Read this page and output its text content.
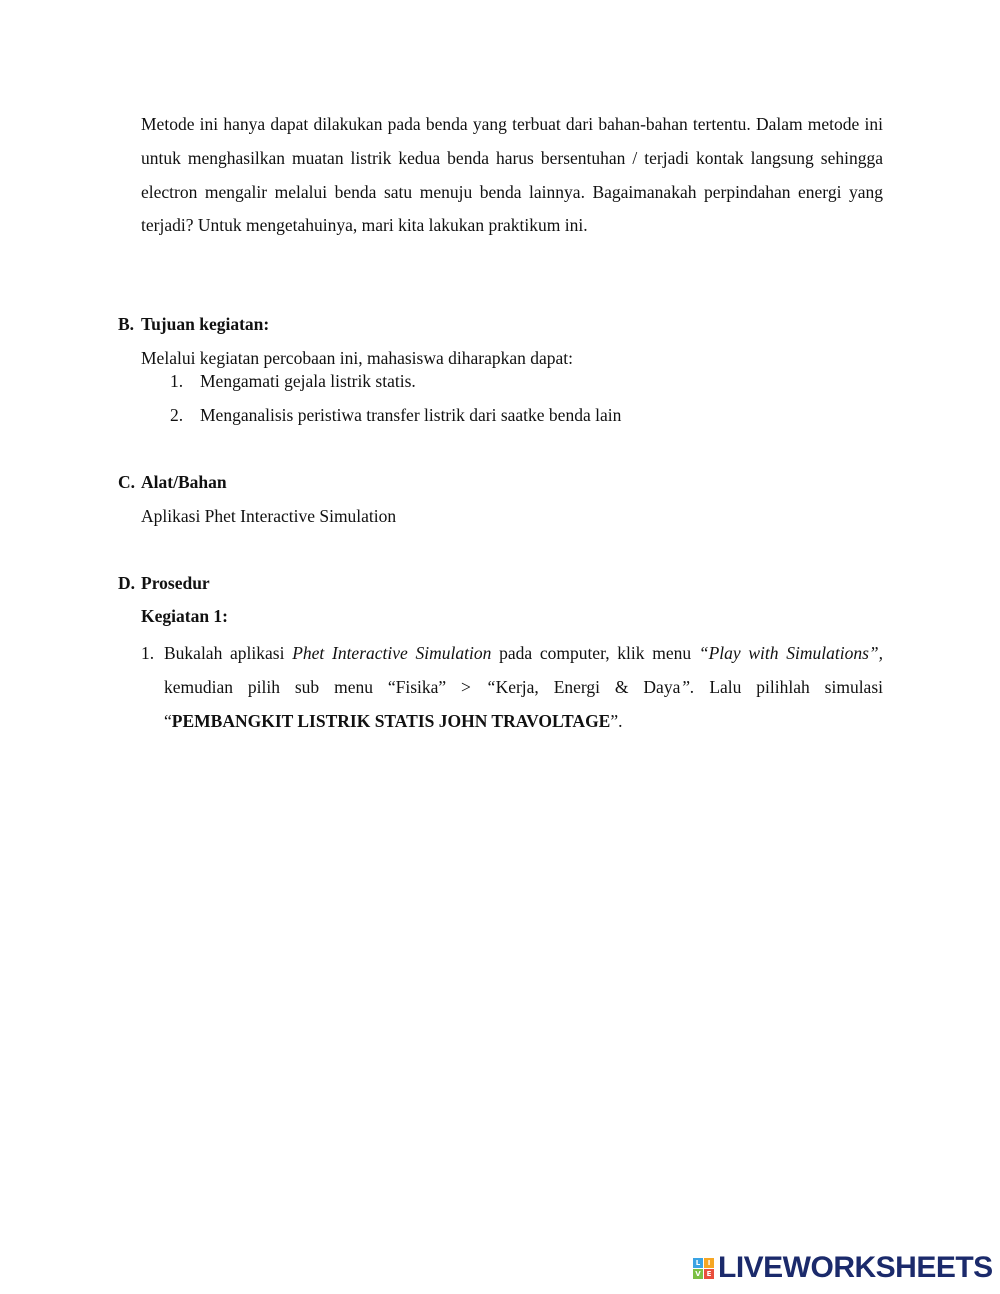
Metode ini hanya dapat dilakukan pada benda yang terbuat dari bahan-bahan tertentu. Dalam metode ini untuk menghasilkan muatan listrik kedua benda harus bersentuhan / terjadi kontak langsung sehingga electron mengalir melalui benda satu menuju benda lainnya. Bagaimanakah perpindahan energi yang terjadi? Untuk mengetahuinya, mari kita lakukan praktikum ini.

B. Tujuan kegiatan:

Melalui kegiatan percobaan ini, mahasiswa diharapkan dapat:

1. Mengamati gejala listrik statis.
2. Menganalisis peristiwa transfer listrik dari saatke benda lain

C. Alat/Bahan

Aplikasi Phet Interactive Simulation

D. Prosedur

Kegiatan 1:

1. Bukalah aplikasi Phet Interactive Simulation pada computer, klik menu “Play with Simulations”, kemudian pilih sub menu “Fisika” > “Kerja, Energi & Daya”. Lalu pilihlah simulasi “PEMBANGKIT LISTRIK STATIS JOHN TRAVOLTAGE”.
L	I
V E LIVEWORKSHEETS
